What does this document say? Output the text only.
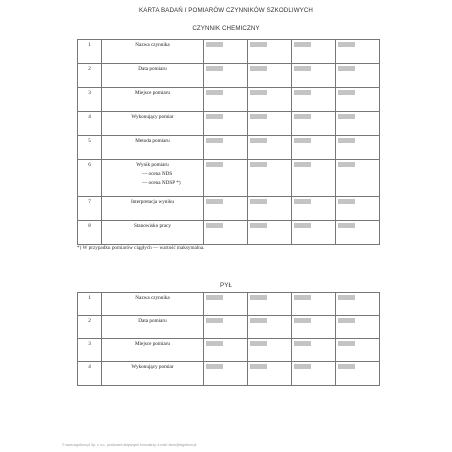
KARTA BADAŃ I POMIARÓW CZYNNIKÓW SZKODLIWYCH
CZYNNIK CHEMICZNY
1	Nazwa czynnika	

2	Data pomiaru	

3	Miejsce pomiaru	

4	Wykonujący pomiar	

5	Metoda pomiaru	

6	Wynik pomiaru
— ocena NDS
— ocena NDSP *)				

7	Interpretacja wyniku	

8	Stanowisko pracy	

*) W przypadku pomiarów ciągłych — wartość maksymalna.
PYŁ
1	Nazwa czynnika	

2	Data pomiaru	

3	Miejsce pomiaru	

4	Wykonujący pomiar	

© www.signform.pl Sp. z o.o., producent aktywnych formularzy, e-mail: biuro@signform.pl
